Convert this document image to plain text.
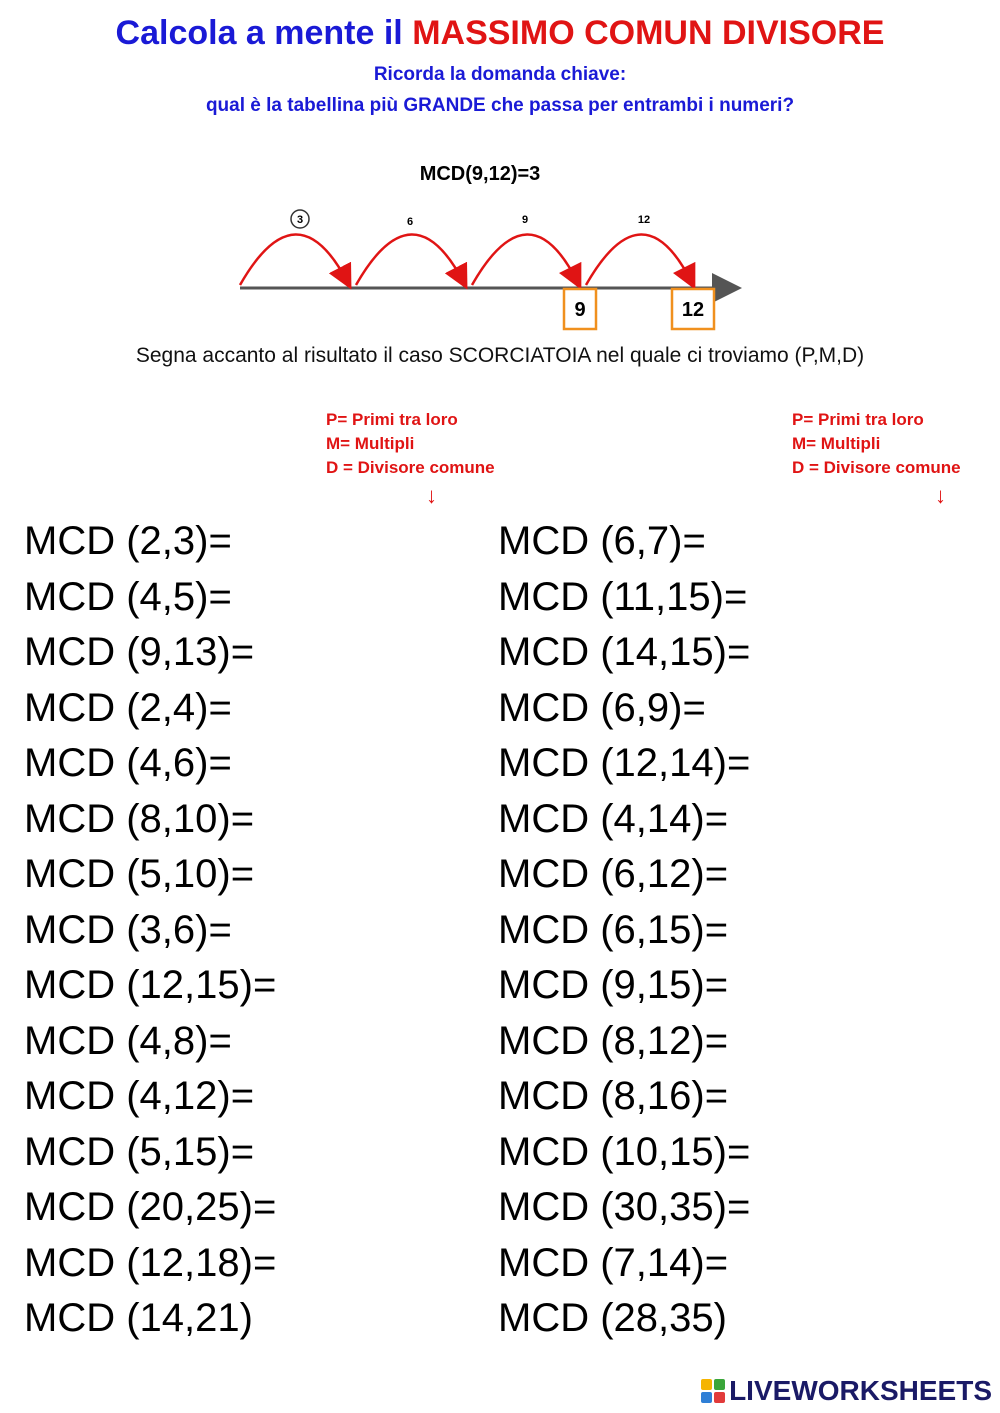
Calcola a mente il MASSIMO COMUN DIVISORE
Ricorda la domanda chiave:
qual è la tabellina più GRANDE che passa per entrambi i numeri?
MCD(9,12)=3
3	6	9	12
9	12
Segna accanto al risultato il caso SCORCIATOIA nel quale ci troviamo (P,M,D)
P= Primi tra loro
M= Multipli
D = Divisore comune
↓
P= Primi tra loro
M= Multipli
D = Divisore comune
↓
MCD (2,3)=
MCD (4,5)=
MCD (9,13)=
MCD (2,4)=
MCD (4,6)=
MCD (8,10)=
MCD (5,10)=
MCD (3,6)=
MCD (12,15)=
MCD (4,8)=
MCD (4,12)=
MCD (5,15)=
MCD (20,25)=
MCD (12,18)=
MCD (14,21)
MCD (6,7)=
MCD (11,15)=
MCD (14,15)=
MCD (6,9)=
MCD (12,14)=
MCD (4,14)=
MCD (6,12)=
MCD (6,15)=
MCD (9,15)=
MCD (8,12)=
MCD (8,16)=
MCD (10,15)=
MCD (30,35)=
MCD (7,14)=
MCD (28,35)
LIVEWORKSHEETS
